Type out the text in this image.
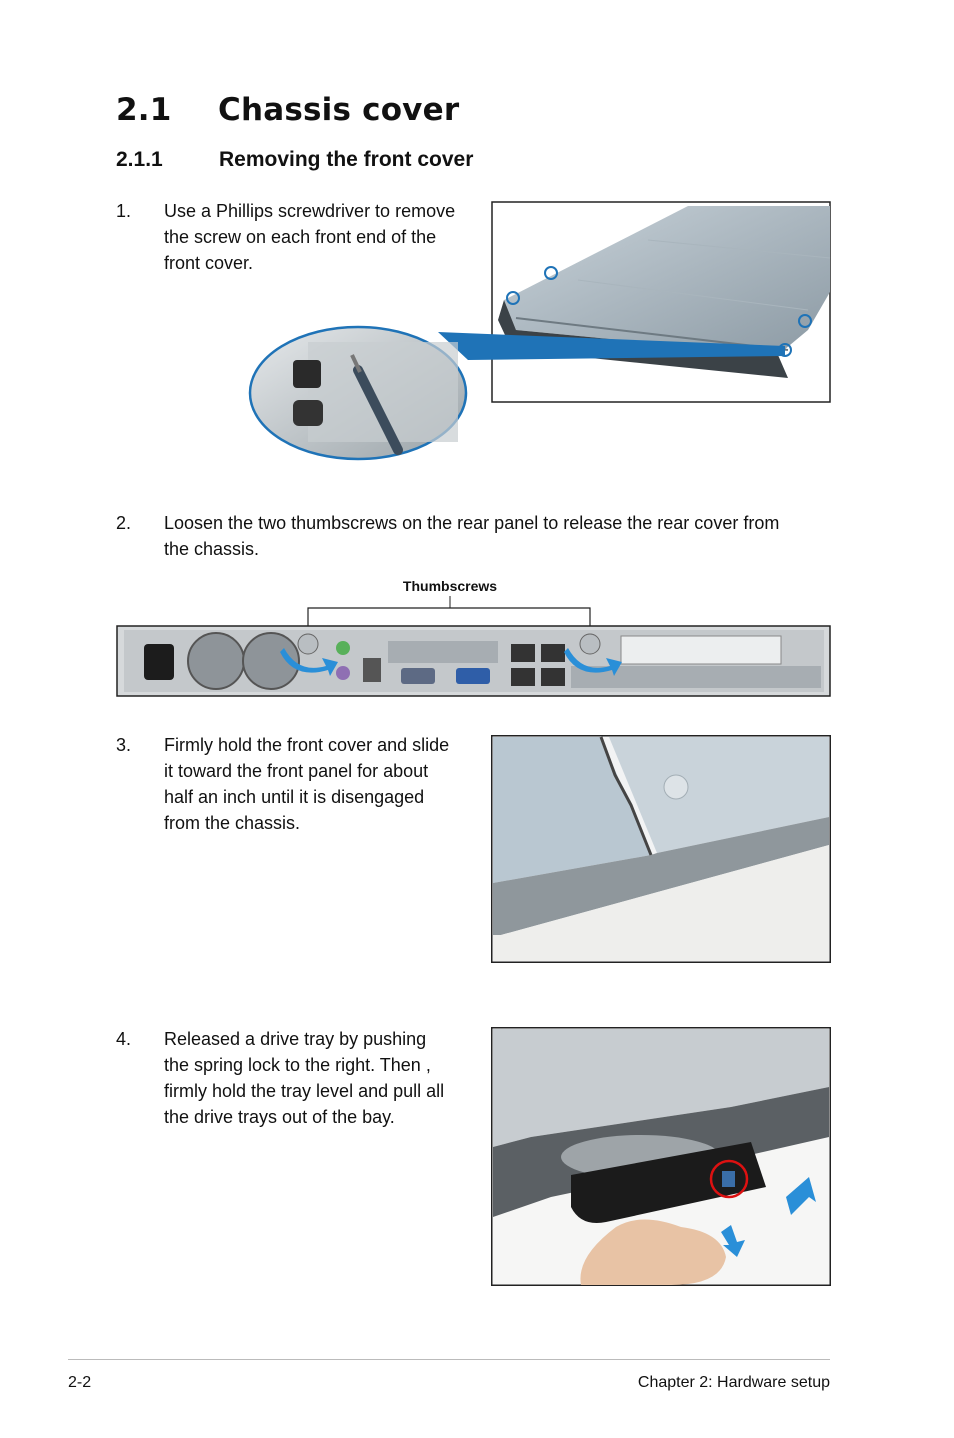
2.1 Chassis cover
2.1.1	Removing the front cover
1. Use a Phillips screwdriver to remove
the screw on each front end of the
front cover.
2. Loosen the two thumbscrews on the rear panel to release the rear cover from
the chassis.
Thumbscrews
3. Firmly hold the front cover and slide
it toward the front panel for about
half an inch until it is disengaged
from the chassis.
4. Released a drive tray by pushing
the spring lock to the right. Then ,
firmly hold the tray level and pull all
the drive trays out of the bay.
2-2	Chapter 2: Hardware setup
